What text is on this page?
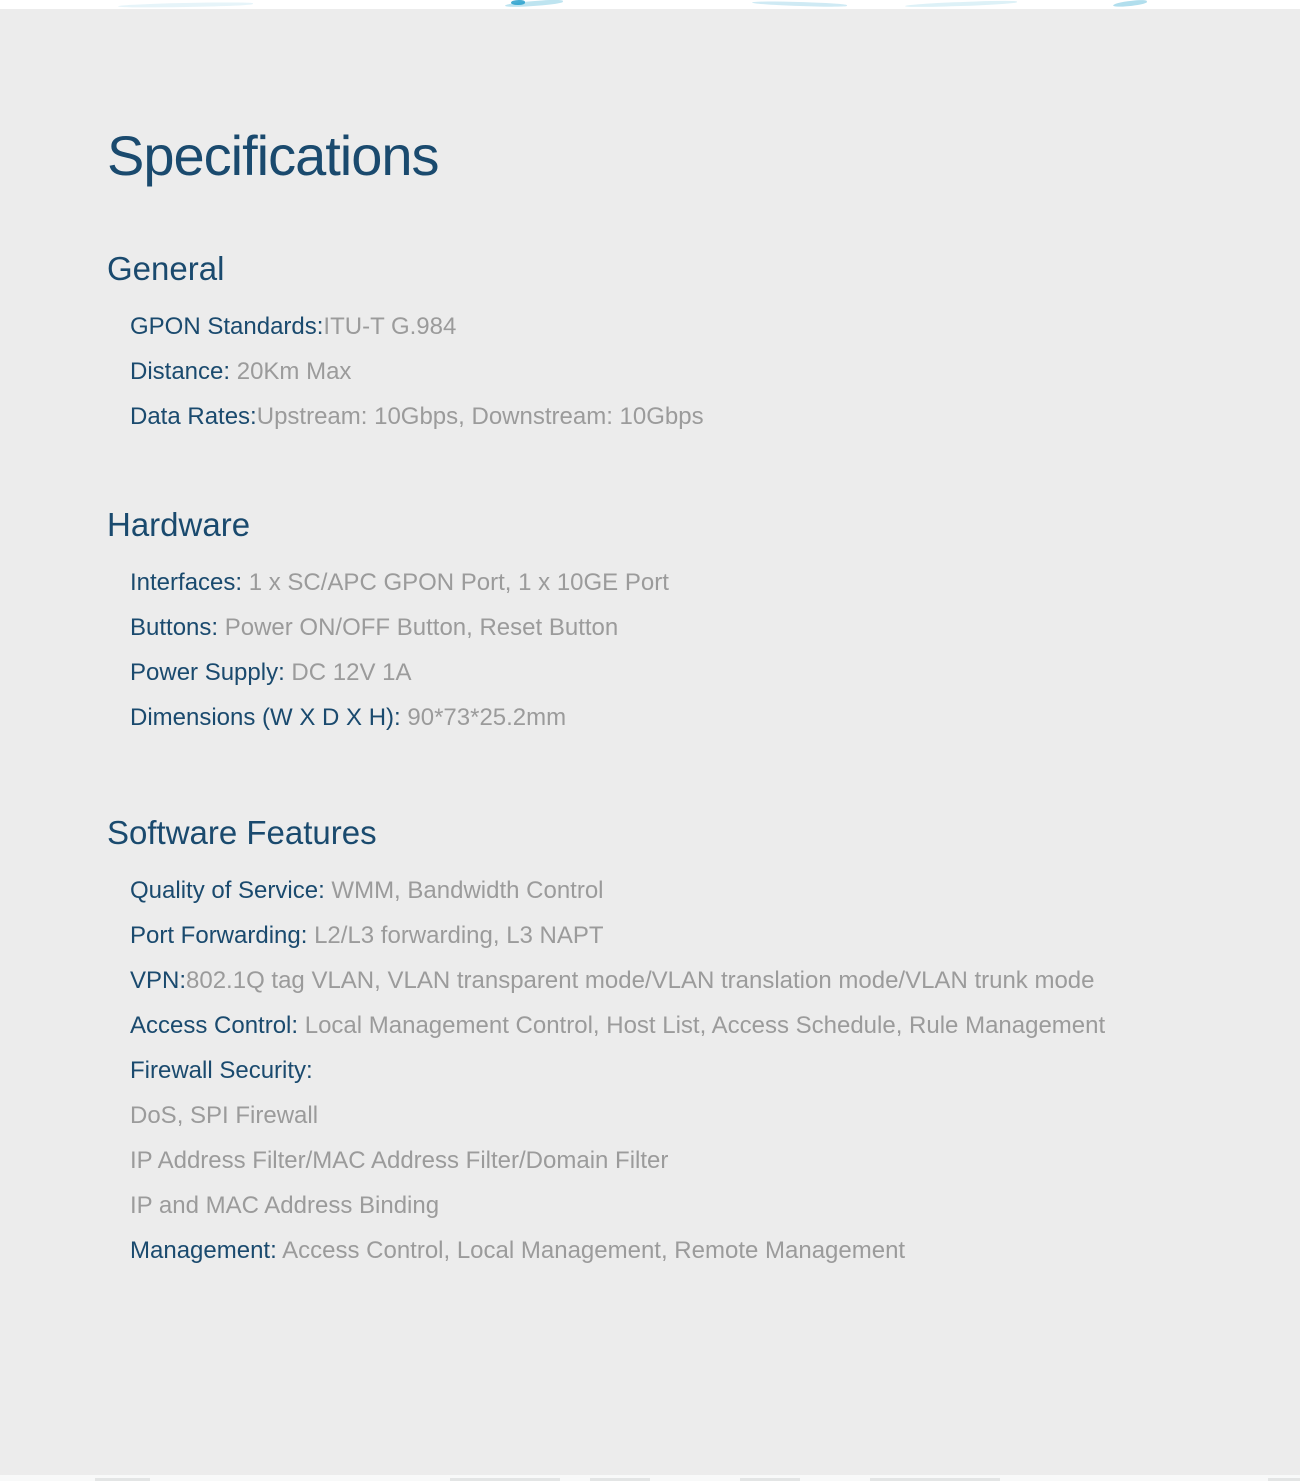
Specifications
General
GPON Standards:ITU-T G.984
Distance: 20Km Max
Data Rates:Upstream: 10Gbps, Downstream: 10Gbps
Hardware
Interfaces: 1 x SC/APC GPON Port, 1 x 10GE Port
Buttons: Power ON/OFF Button, Reset Button
Power Supply: DC 12V 1A
Dimensions (W X D X H): 90*73*25.2mm
Software Features
Quality of Service: WMM, Bandwidth Control
Port Forwarding: L2/L3 forwarding, L3 NAPT
VPN:802.1Q tag VLAN, VLAN transparent mode/VLAN translation mode/VLAN trunk mode
Access Control: Local Management Control, Host List, Access Schedule, Rule Management
Firewall Security:
DoS, SPI Firewall
IP Address Filter/MAC Address Filter/Domain Filter
IP and MAC Address Binding
Management: Access Control, Local Management, Remote Management
